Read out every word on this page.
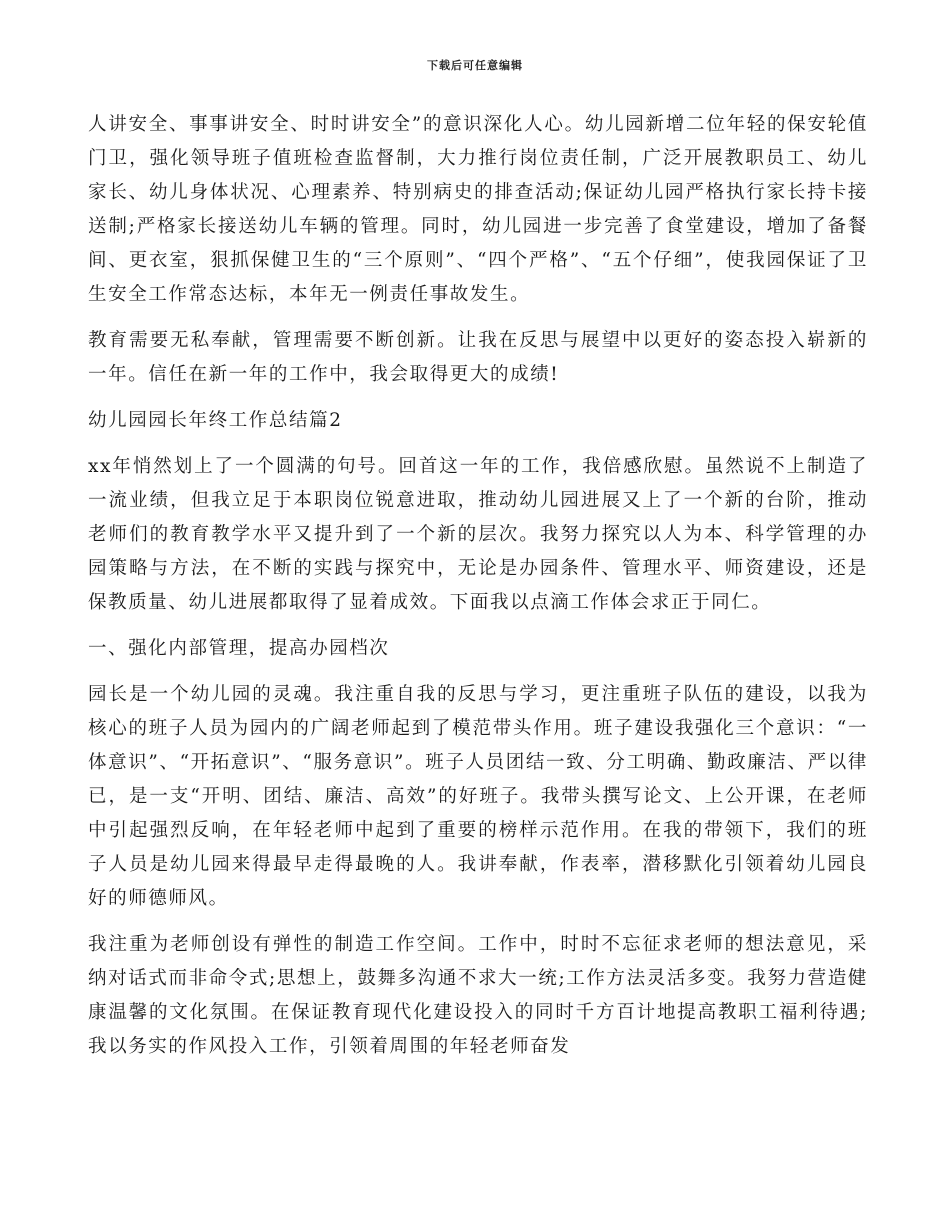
下载后可任意编辑

人讲安全、事事讲安全、时时讲安全”的意识深化人心。幼儿园新增二位年轻的保安轮值门卫，强化领导班子值班检查监督制，大力推行岗位责任制，广泛开展教职员工、幼儿家长、幼儿身体状况、心理素养、特别病史的排查活动;保证幼儿园严格执行家长持卡接送制;严格家长接送幼儿车辆的管理。同时，幼儿园进一步完善了食堂建设，增加了备餐间、更衣室，狠抓保健卫生的“三个原则”、“四个严格”、“五个仔细”，使我园保证了卫生安全工作常态达标，本年无一例责任事故发生。

教育需要无私奉献，管理需要不断创新。让我在反思与展望中以更好的姿态投入崭新的一年。信任在新一年的工作中，我会取得更大的成绩!

幼儿园园长年终工作总结篇2

xx年悄然划上了一个圆满的句号。回首这一年的工作，我倍感欣慰。虽然说不上制造了一流业绩，但我立足于本职岗位锐意进取，推动幼儿园进展又上了一个新的台阶，推动老师们的教育教学水平又提升到了一个新的层次。我努力探究以人为本、科学管理的办园策略与方法，在不断的实践与探究中，无论是办园条件、管理水平、师资建设，还是保教质量、幼儿进展都取得了显着成效。下面我以点滴工作体会求正于同仁。

一、强化内部管理，提高办园档次

园长是一个幼儿园的灵魂。我注重自我的反思与学习，更注重班子队伍的建设，以我为核心的班子人员为园内的广阔老师起到了模范带头作用。班子建设我强化三个意识：“一体意识”、“开拓意识”、“服务意识”。班子人员团结一致、分工明确、勤政廉洁、严以律已，是一支“开明、团结、廉洁、高效”的好班子。我带头撰写论文、上公开课，在老师中引起强烈反响，在年轻老师中起到了重要的榜样示范作用。在我的带领下，我们的班子人员是幼儿园来得最早走得最晚的人。我讲奉献，作表率，潜移默化引领着幼儿园良好的师德师风。

我注重为老师创设有弹性的制造工作空间。工作中，时时不忘征求老师的想法意见，采纳对话式而非命令式;思想上，鼓舞多沟通不求大一统;工作方法灵活多变。我努力营造健康温馨的文化氛围。在保证教育现代化建设投入的同时千方百计地提高教职工福利待遇;我以务实的作风投入工作，引领着周围的年轻老师奋发
